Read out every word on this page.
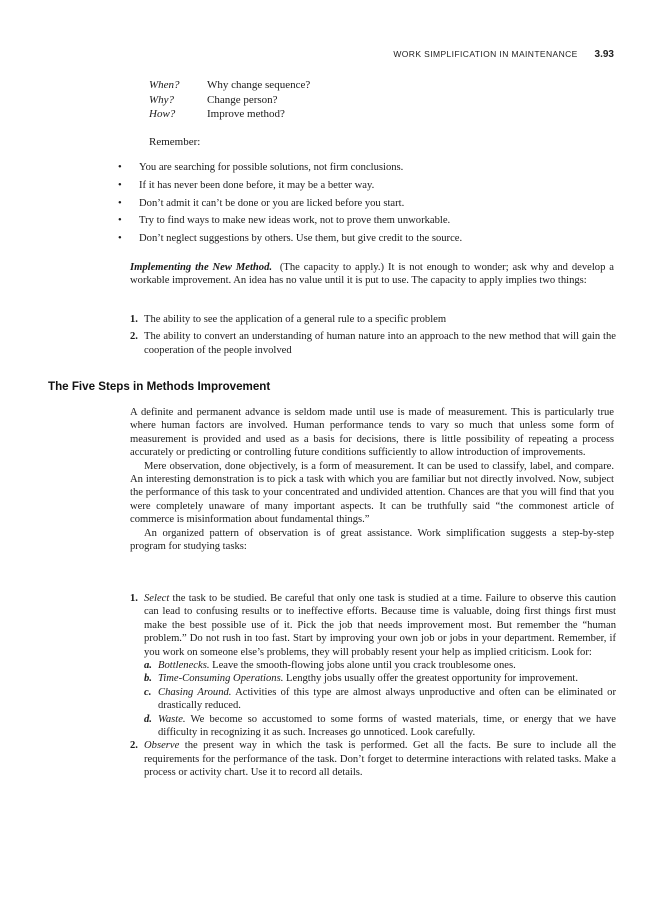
WORK SIMPLIFICATION IN MAINTENANCE 3.93
When?	Why change sequence?
Why?	Change person?
How?	Improve method?
Remember:
• You are searching for possible solutions, not firm conclusions.
• If it has never been done before, it may be a better way.
• Don’t admit it can’t be done or you are licked before you start.
• Try to find ways to make new ideas work, not to prove them unworkable.
• Don’t neglect suggestions by others. Use them, but give credit to the source.
Implementing the New Method. (The capacity to apply.) It is not enough to wonder; ask why and develop a workable improvement. An idea has no value until it is put to use. The capacity to apply implies two things:
1. The ability to see the application of a general rule to a specific problem
2. The ability to convert an understanding of human nature into an approach to the new method that will gain the cooperation of the people involved
The Five Steps in Methods Improvement

A definite and permanent advance is seldom made until use is made of measurement. This is particularly true where human factors are involved. Human performance tends to vary so much that unless some form of measurement is provided and used as a basis for decisions, there is little possibility of repeating a process accurately or predicting or controlling future conditions sufficiently to allow introduction of improvements.

Mere observation, done objectively, is a form of measurement. It can be used to classify, label, and compare. An interesting demonstration is to pick a task with which you are familiar but not directly involved. Now, subject the performance of this task to your concentrated and undivided attention. Chances are that you will find that you were completely unaware of many important aspects. It can be truthfully said “the commonest article of commerce is misinformation about fundamental things.”

An organized pattern of observation is of great assistance. Work simplification suggests a step-by-step program for studying tasks:

1. Select the task to be studied. Be careful that only one task is studied at a time. Failure to observe this caution can lead to confusing results or to ineffective efforts. Because time is valuable, doing first things first must make the best possible use of it. Pick the job that needs improvement most. But remember the “human problem.” Do not rush in too fast. Start by improving your own job or jobs in your department. Remember, if you work on someone else’s problems, they will probably resent your help as implied criticism. Look for:
a. Bottlenecks. Leave the smooth-flowing jobs alone until you crack troublesome ones.
b. Time-Consuming Operations. Lengthy jobs usually offer the greatest opportunity for improvement.
c. Chasing Around. Activities of this type are almost always unproductive and often can be eliminated or drastically reduced.
d. Waste. We become so accustomed to some forms of wasted materials, time, or energy that we have difficulty in recognizing it as such. Increases go unnoticed. Look carefully.
2. Observe the present way in which the task is performed. Get all the facts. Be sure to include all the requirements for the performance of the task. Don’t forget to determine interactions with related tasks. Make a process or activity chart. Use it to record all details.
